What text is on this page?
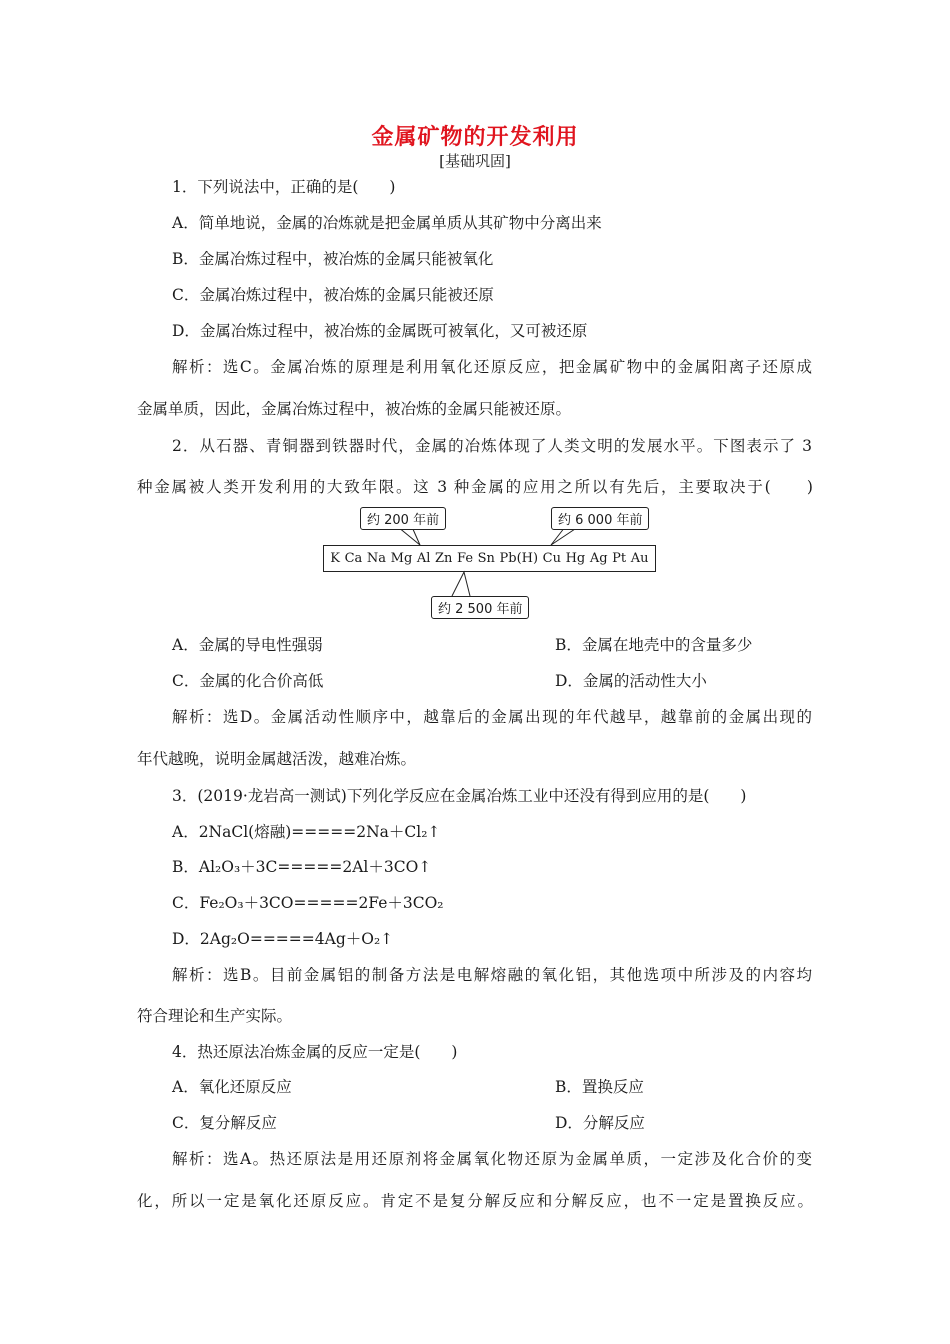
金属矿物的开发利用
[基础巩固]
1．下列说法中，正确的是(　　)
A．简单地说，金属的冶炼就是把金属单质从其矿物中分离出来
B．金属冶炼过程中，被冶炼的金属只能被氧化
C．金属冶炼过程中，被冶炼的金属只能被还原
D．金属冶炼过程中，被冶炼的金属既可被氧化，又可被还原
解析：选C。金属冶炼的原理是利用氧化还原反应，把金属矿物中的金属阳离子还原成
金属单质，因此，金属冶炼过程中，被冶炼的金属只能被还原。
2．从石器、青铜器到铁器时代，金属的冶炼体现了人类文明的发展水平。下图表示了 3
种金属被人类开发利用的大致年限。这 3 种金属的应用之所以有先后，主要取决于(　　)
约 200 年前	约 6 000 年前
约 2 500 年前
K Ca Na Mg Al Zn Fe Sn Pb(H) Cu Hg Ag Pt Au
A．金属的导电性强弱	B．金属在地壳中的含量多少
C．金属的化合价高低	D．金属的活动性大小
解析：选D。金属活动性顺序中，越靠后的金属出现的年代越早，越靠前的金属出现的
年代越晚，说明金属越活泼，越难冶炼。
3．(2019·龙岩高一测试)下列化学反应在金属冶炼工业中还没有得到应用的是(　　)
A．2NaCl(熔融)=====2Na＋Cl₂↑
B．Al₂O₃＋3C=====2Al＋3CO↑
C．Fe₂O₃＋3CO=====2Fe＋3CO₂
D．2Ag₂O=====4Ag＋O₂↑
解析：选B。目前金属铝的制备方法是电解熔融的氧化铝，其他选项中所涉及的内容均
符合理论和生产实际。
4．热还原法冶炼金属的反应一定是(　　)
A．氧化还原反应	B．置换反应
C．复分解反应	D．分解反应
解析：选A。热还原法是用还原剂将金属氧化物还原为金属单质，一定涉及化合价的变
化，所以一定是氧化还原反应。肯定不是复分解反应和分解反应，也不一定是置换反应。
